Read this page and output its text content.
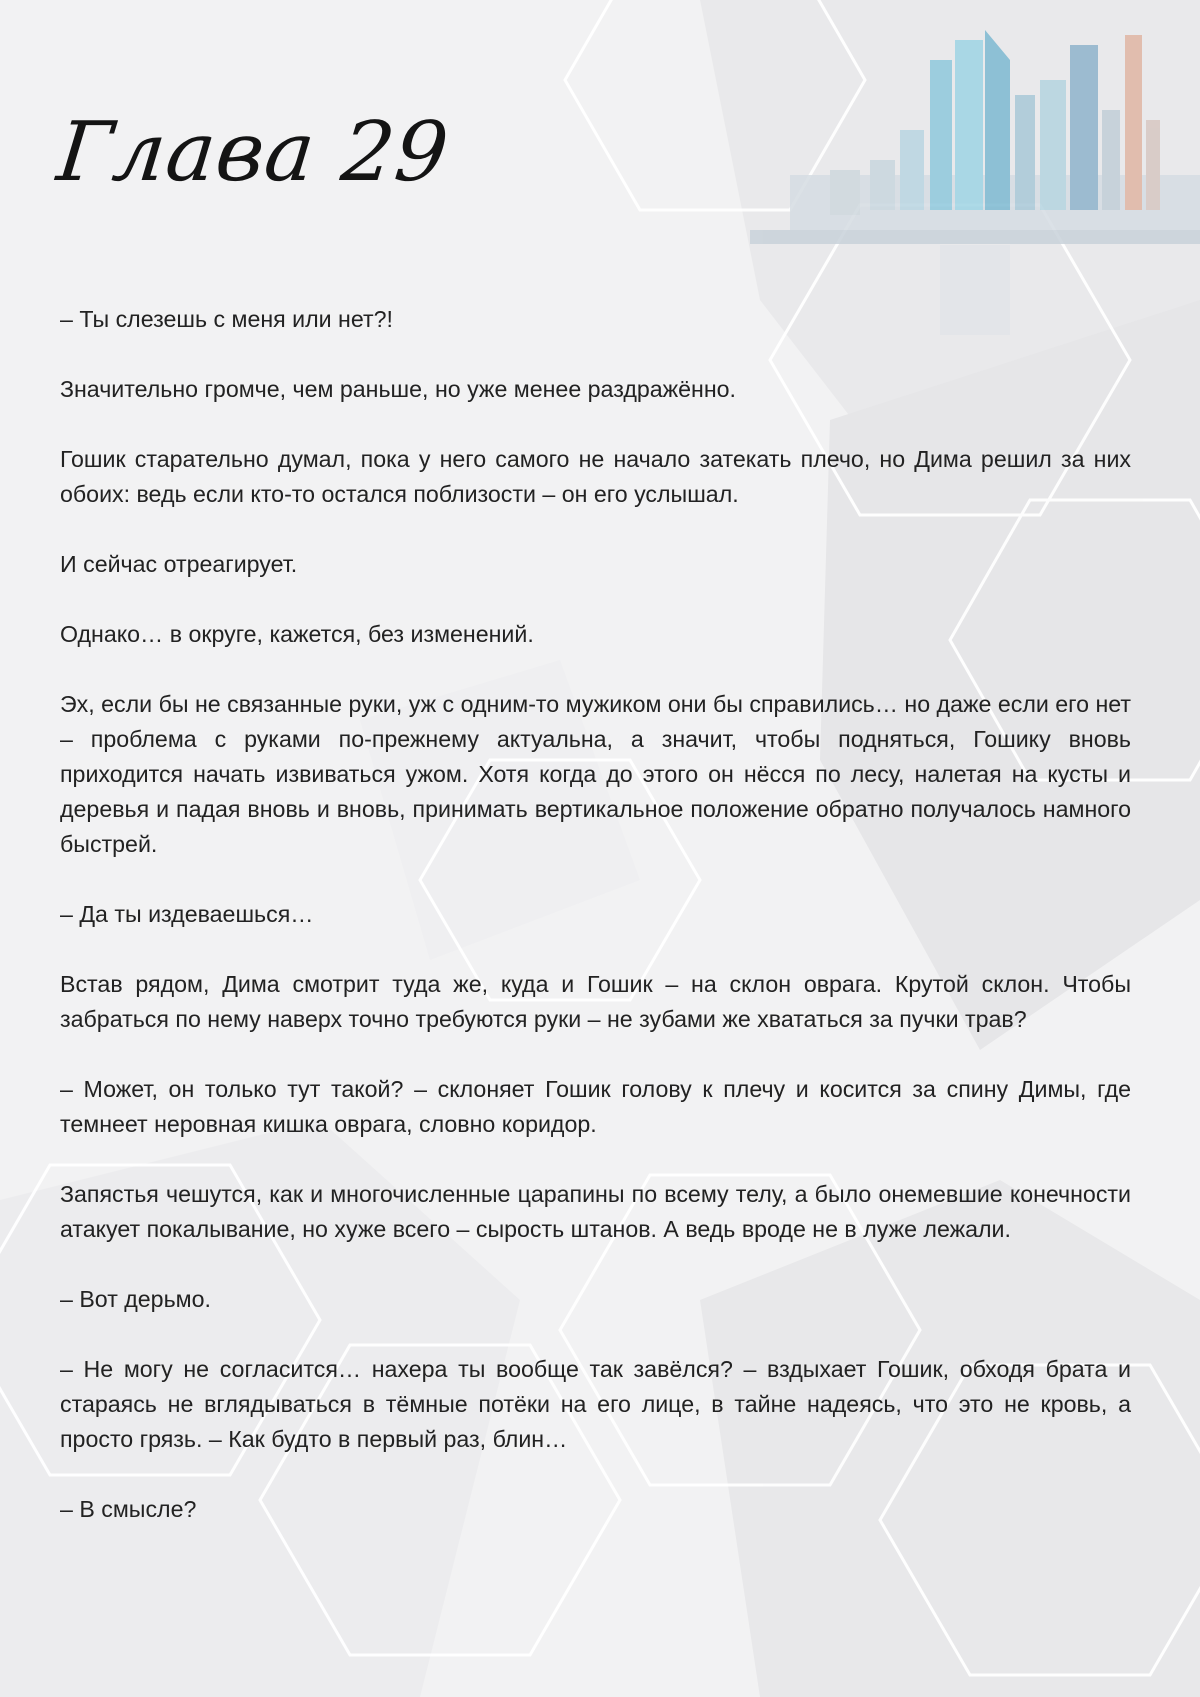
Глава 29

– Ты слезешь с меня или нет?!

Значительно громче, чем раньше, но уже менее раздражённо.

Гошик старательно думал, пока у него самого не начало затекать плечо, но Дима решил за них обоих: ведь если кто-то остался поблизости – он его услышал.

И сейчас отреагирует.

Однако… в округе, кажется, без изменений.

Эх, если бы не связанные руки, уж с одним-то мужиком они бы справились… но даже если его нет – проблема с руками по-прежнему актуальна, а значит, чтобы подняться, Гошику вновь приходится начать извиваться ужом. Хотя когда до этого он нёсся по лесу, налетая на кусты и деревья и падая вновь и вновь, принимать вертикальное положение обратно получалось намного быстрей.

– Да ты издеваешься…

Встав рядом, Дима смотрит туда же, куда и Гошик – на склон оврага. Крутой склон. Чтобы забраться по нему наверх точно требуются руки – не зубами же хвататься за пучки трав?

– Может, он только тут такой? – склоняет Гошик голову к плечу и косится за спину Димы, где темнеет неровная кишка оврага, словно коридор.

Запястья чешутся, как и многочисленные царапины по всему телу, а было онемевшие конечности атакует покалывание, но хуже всего – сырость штанов. А ведь вроде не в луже лежали.

– Вот дерьмо.

– Не могу не согласится… нахера ты вообще так завёлся? – вздыхает Гошик, обходя брата и стараясь не вглядываться в тёмные потёки на его лице, в тайне надеясь, что это не кровь, а просто грязь. – Как будто в первый раз, блин…

– В смысле?
